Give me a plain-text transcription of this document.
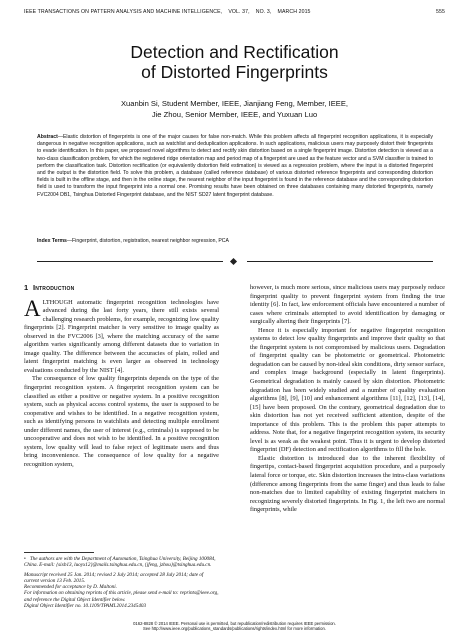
IEEE TRANSACTIONS ON PATTERN ANALYSIS AND MACHINE INTELLIGENCE,    VOL. 37,    NO. 3,    MARCH 2015	555
Detection and Rectification
of Distorted Fingerprints
Xuanbin Si, Student Member, IEEE, Jianjiang Feng, Member, IEEE,
Jie Zhou, Senior Member, IEEE, and Yuxuan Luo
Abstract—Elastic distortion of fingerprints is one of the major causes for false non-match. While this problem affects all fingerprint recognition applications, it is especially dangerous in negative recognition applications, such as watchlist and deduplication applications. In such applications, malicious users may purposely distort their fingerprints to evade identification. In this paper, we proposed novel algorithms to detect and rectify skin distortion based on a single fingerprint image. Distortion detection is viewed as a two-class classification problem, for which the registered ridge orientation map and period map of a fingerprint are used as the feature vector and a SVM classifier is trained to perform the classification task. Distortion rectification (or equivalently distortion field estimation) is viewed as a regression problem, where the input is a distorted fingerprint and the output is the distortion field. To solve this problem, a database (called reference database) of various distorted reference fingerprints and corresponding distortion fields is built in the offline stage, and then in the online stage, the nearest neighbor of the input fingerprint is found in the reference database and the corresponding distortion field is used to transform the input fingerprint into a normal one. Promising results have been obtained on three databases containing many distorted fingerprints, namely FVC2004 DB1, Tsinghua Distorted Fingerprint database, and the NIST SD27 latent fingerprint database.
Index Terms—Fingerprint, distortion, registration, nearest neighbor regression, PCA
1 Introduction

ALTHOUGH automatic fingerprint recognition technologies have advanced during the last forty years, there still exists several challenging research problems, for example, recognizing low quality fingerprints [2]. Fingerprint matcher is very sensitive to image quality as observed in the FVC2006 [3], where the matching accuracy of the same algorithm varies significantly among different datasets due to variation in image quality. The difference between the accuracies of plain, rolled and latent fingerprint matching is even larger as observed in technology evaluations conducted by the NIST [4].

The consequence of low quality fingerprints depends on the type of the fingerprint recognition system. A fingerprint recognition system can be classified as either a positive or negative system. In a positive recognition system, such as physical access control systems, the user is supposed to be cooperative and wishes to be identified. In a negative recognition system, such as identifying persons in watchlists and detecting multiple enrollment under different names, the user of interest (e.g., criminals) is supposed to be uncooperative and does not wish to be identified. In a positive recognition system, low quality will lead to false reject of legitimate users and thus bring inconvenience. The consequence of low quality for a negative recognition system,

• The authors are with the Department of Automation, Tsinghua University, Beijing 100084, China. E-mail: {sixb13, luoyx12}@mails.tsinghua.edu.cn, {jfeng, jzhou}@tsinghua.edu.cn.

Manuscript received 25 Jan. 2014; revised 2 July 2014; accepted 28 July 2014; date of current version 13 Feb. 2015.

Recommended for acceptance by D. Maltoni.

For information on obtaining reprints of this article, please send e-mail to: reprints@ieee.org, and reference the Digital Object Identifier below.

Digital Object Identifier no. 10.1109/TPAMI.2014.2345403

however, is much more serious, since malicious users may purposely reduce fingerprint quality to prevent fingerprint system from finding the true identity [6]. In fact, law enforcement officials have encountered a number of cases where criminals attempted to avoid identification by damaging or surgically altering their fingerprints [7].

Hence it is especially important for negative fingerprint recognition systems to detect low quality fingerprints and improve their quality so that the fingerprint system is not compromised by malicious users. Degradation of fingerprint quality can be photometric or geometrical. Photometric degradation can be caused by non-ideal skin conditions, dirty sensor surface, and complex image background (especially in latent fingerprints). Geometrical degradation is mainly caused by skin distortion. Photometric degradation has been widely studied and a number of quality evaluation algorithms [8], [9], [10] and enhancement algorithms [11], [12], [13], [14], [15] have been proposed. On the contrary, geometrical degradation due to skin distortion has not yet received sufficient attention, despite of the importance of this problem. This is the problem this paper attempts to address. Note that, for a negative fingerprint recognition system, its security level is as weak as the weakest point. Thus it is urgent to develop distorted fingerprint (DF) detection and rectification algorithms to fill the hole.

Elastic distortion is introduced due to the inherent flexibility of fingertips, contact-based fingerprint acquisition procedure, and a purposely lateral force or torque, etc. Skin distortion increases the intra-class variations (difference among fingerprints from the same finger) and thus leads to false non-matches due to limited capability of existing fingerprint matchers in recognizing severely distorted fingerprints. In Fig. 1, the left two are normal fingerprints, while

0162-8828 © 2014 IEEE. Personal use is permitted, but republication/redistribution requires IEEE permission.
See http://www.ieee.org/publications_standards/publications/rights/index.html for more information.
